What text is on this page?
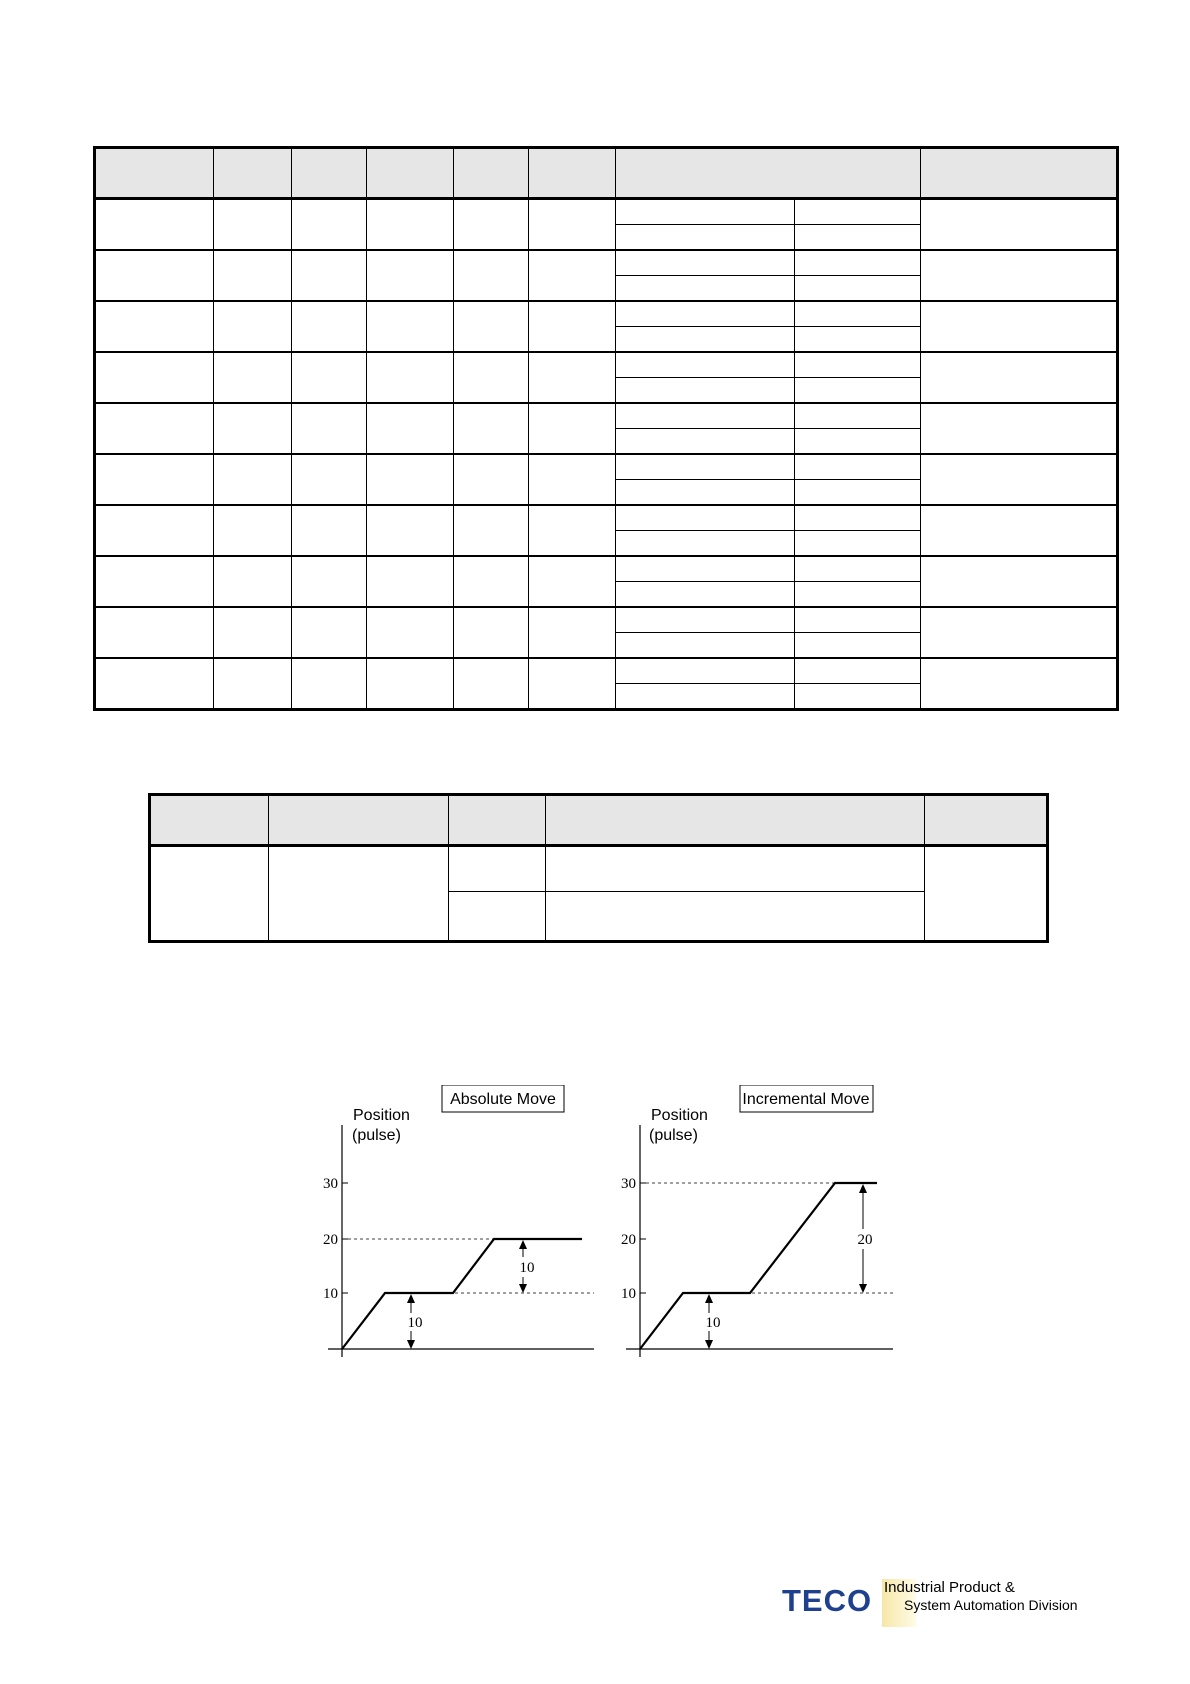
Absolute Move
Position
(pulse)
30
20
10
10
10
Incremental Move
Position
(pulse)
30
20
10
10
20
TECO Industrial Product &
System Automation Division
